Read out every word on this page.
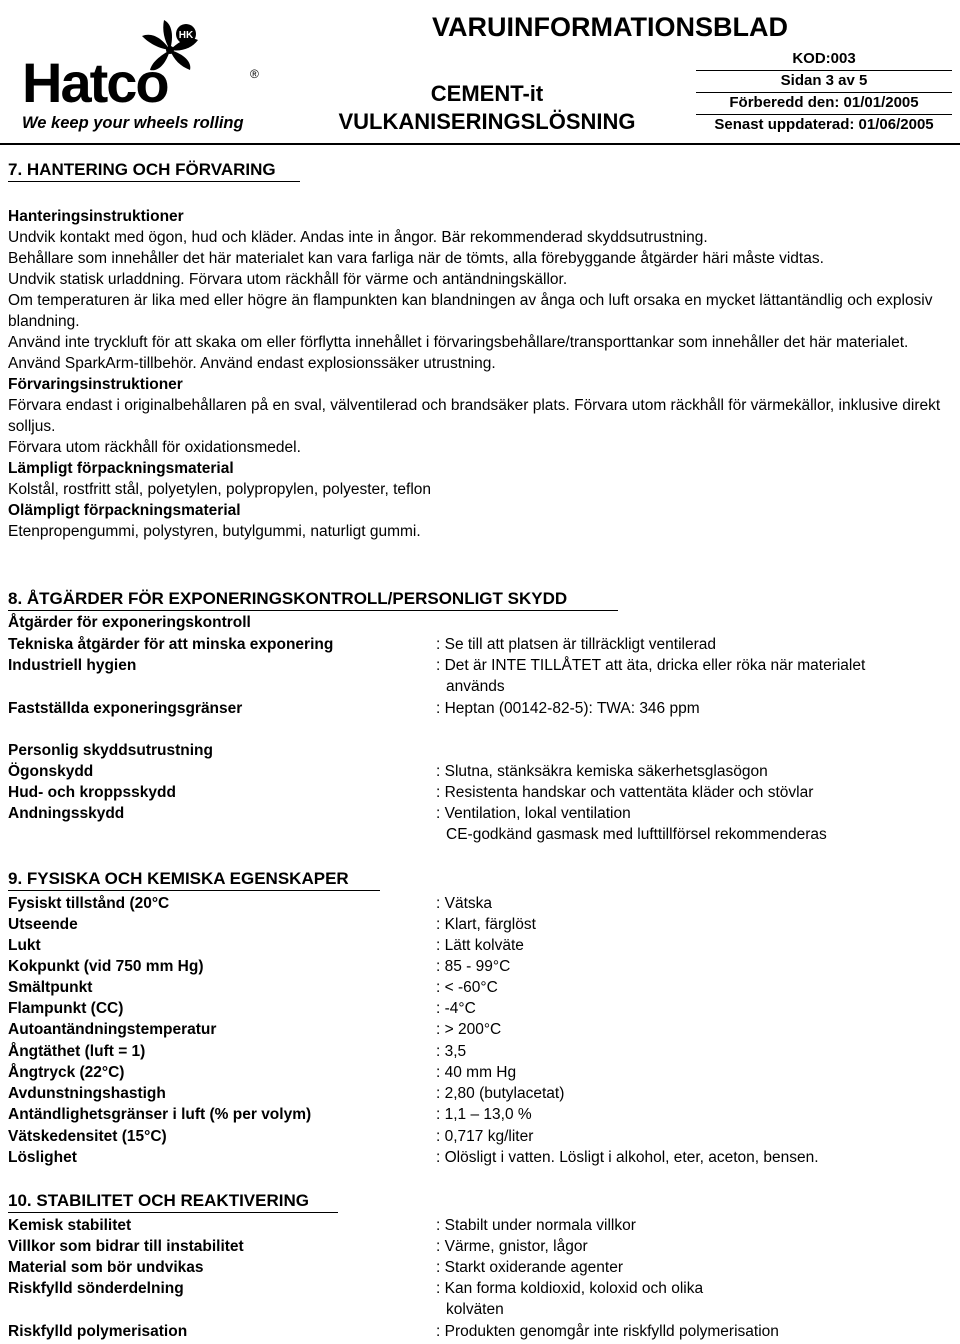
HK
Hatco	®
We keep your wheels rolling
VARUINFORMATIONSBLAD
CEMENT-it
VULKANISERINGSLÖSNING
KOD:003
Sidan 3 av 5
Förberedd den: 01/01/2005
Senast uppdaterad: 01/06/2005
7. HANTERING OCH FÖRVARING
Hanteringsinstruktioner
Undvik kontakt med ögon, hud och kläder. Andas inte in ångor. Bär rekommenderad skyddsutrustning.
Behållare som innehåller det här materialet kan vara farliga när de tömts, alla förebyggande åtgärder häri måste vidtas.
Undvik statisk urladdning. Förvara utom räckhåll för värme och antändningskällor.
Om temperaturen är lika med eller högre än flampunkten kan blandningen av ånga och luft orsaka en mycket lättantändlig och explosiv blandning.
Använd inte tryckluft för att skaka om eller förflytta innehållet i förvaringsbehållare/transporttankar som innehåller det här materialet.
Använd SparkArm-tillbehör. Använd endast explosionssäker utrustning.
Förvaringsinstruktioner
Förvara endast i originalbehållaren på en sval, välventilerad och brandsäker plats. Förvara utom räckhåll för värmekällor, inklusive direkt solljus.
Förvara utom räckhåll för oxidationsmedel.
Lämpligt förpackningsmaterial
Kolstål, rostfritt stål, polyetylen, polypropylen, polyester, teflon
Olämpligt förpackningsmaterial
Etenpropengummi, polystyren, butylgummi, naturligt gummi.
8. ÅTGÄRDER FÖR EXPONERINGSKONTROLL/PERSONLIGT SKYDD
Åtgärder för exponeringskontroll
Tekniska åtgärder för att minska exponering	: Se till att platsen är tillräckligt ventilerad
Industriell hygien	: Det är INTE TILLÅTET att äta, dricka eller röka när materialet
används
Fastställda exponeringsgränser	: Heptan (00142-82-5): TWA: 346 ppm
Personlig skyddsutrustning
Ögonskydd	: Slutna, stänksäkra kemiska säkerhetsglasögon
Hud- och kroppsskydd	: Resistenta handskar och vattentäta kläder och stövlar
Andningsskydd	: Ventilation, lokal ventilation
CE-godkänd gasmask med lufttillförsel rekommenderas
9. FYSISKA OCH KEMISKA EGENSKAPER
Fysiskt tillstånd (20°C	: Vätska
Utseende	: Klart, färglöst
Lukt	: Lätt kolväte
Kokpunkt (vid 750 mm Hg)	: 85 - 99°C
Smältpunkt	: < -60°C
Flampunkt (CC)	: -4°C
Autoantändningstemperatur	: > 200°C
Ångtäthet (luft = 1)	: 3,5
Ångtryck (22°C)	: 40 mm Hg
Avdunstningshastigh	: 2,80 (butylacetat)
Antändlighetsgränser i luft (% per volym)	: 1,1 – 13,0 %
Vätskedensitet (15°C)	: 0,717 kg/liter
Löslighet	: Olösligt i vatten. Lösligt i alkohol, eter, aceton, bensen.
10. STABILITET OCH REAKTIVERING
Kemisk stabilitet	: Stabilt under normala villkor
Villkor som bidrar till instabilitet	: Värme, gnistor, lågor
Material som bör undvikas	: Starkt oxiderande agenter
Riskfylld sönderdelning	: Kan forma koldioxid, koloxid och olika
kolväten
Riskfylld polymerisation	: Produkten genomgår inte riskfylld polymerisation
